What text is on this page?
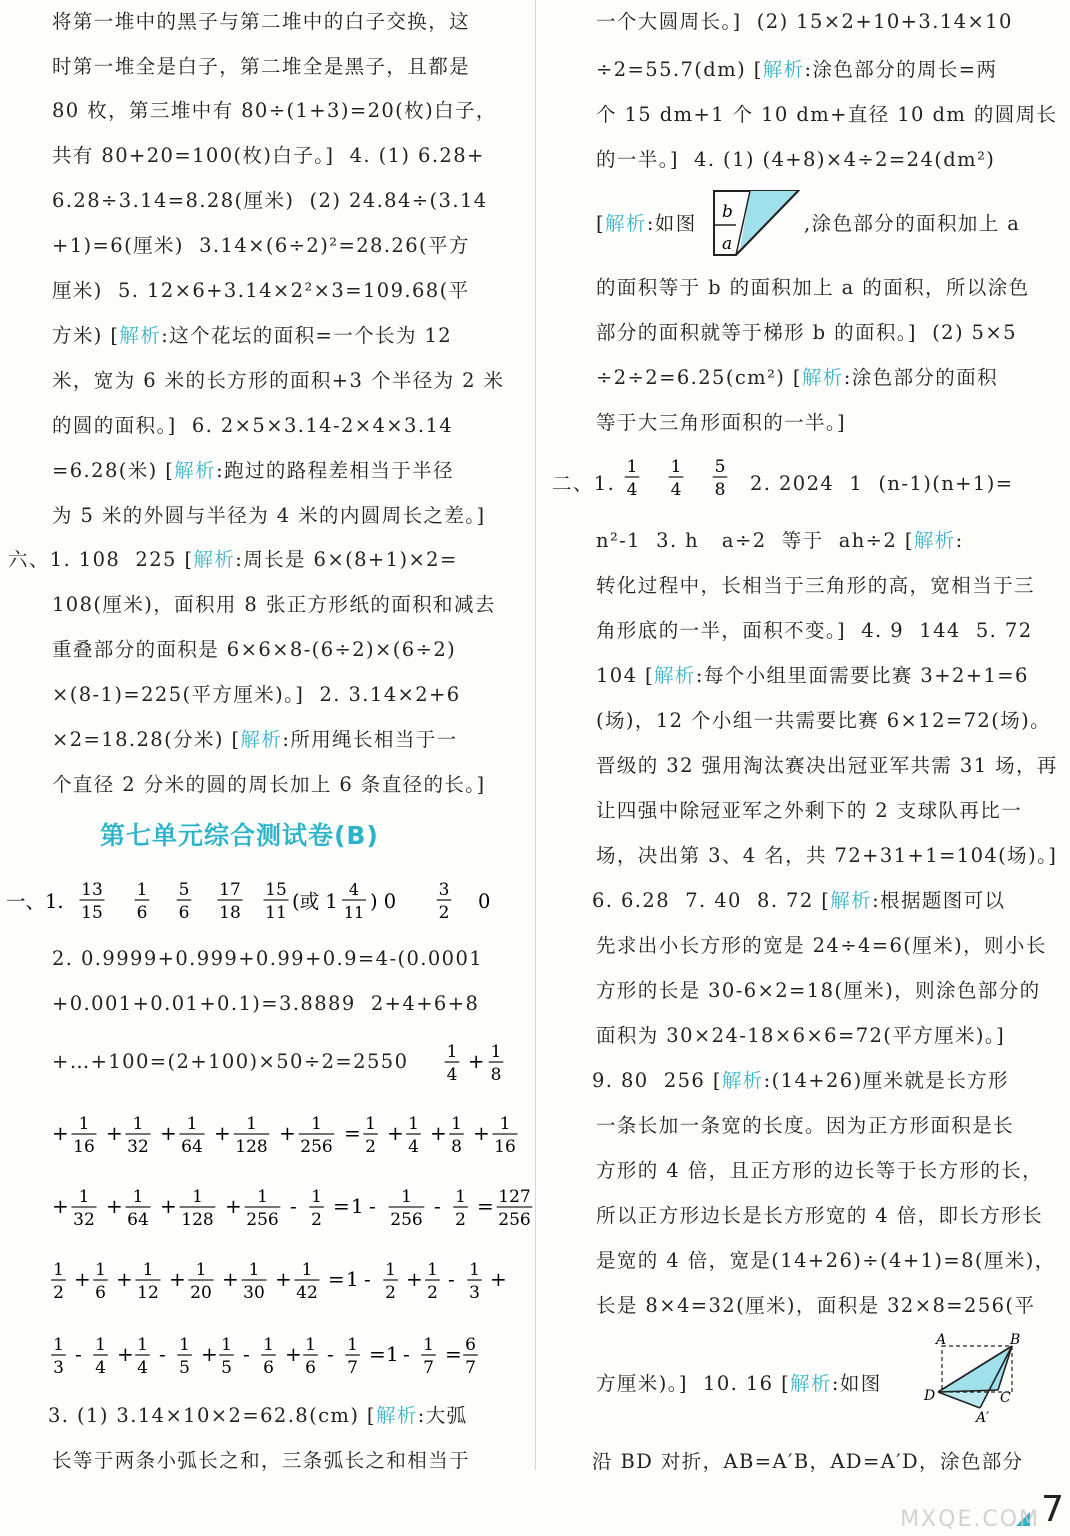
将第一堆中的黑子与第二堆中的白子交换，这
时第一堆全是白子，第二堆全是黑子，且都是
80 枚，第三堆中有 80÷(1+3)=20(枚)白子，
共有 80+20=100(枚)白子。]  4. (1) 6.28+
6.28÷3.14=8.28(厘米)  (2) 24.84÷(3.14
+1)=6(厘米)  3.14×(6÷2)²=28.26(平方
厘米)  5. 12×6+3.14×2²×3=109.68(平
方米) [解析:这个花坛的面积=一个长为 12
米，宽为 6 米的长方形的面积+3 个半径为 2 米
的圆的面积。]  6. 2×5×3.14-2×4×3.14
=6.28(米) [解析:跑过的路程差相当于半径
为 5 米的外圆与半径为 4 米的内圆周长之差。]
六、1. 108  225 [解析:周长是 6×(8+1)×2=
108(厘米)，面积用 8 张正方形纸的面积和减去
重叠部分的面积是 6×6×8-(6÷2)×(6÷2)
×(8-1)=225(平方厘米)。]  2. 3.14×2+6
×2=18.28(分米) [解析:所用绳长相当于一
个直径 2 分米的圆的周长加上 6 条直径的长。]
2. 0.9999+0.999+0.99+0.9=4-(0.0001
+0.001+0.01+0.1)=3.8889  2+4+6+8
+…+100=(2+100)×50÷2=2550
3. (1) 3.14×10×2=62.8(cm) [解析:大弧
长等于两条小弧长之和，三条弧长之和相当于
一个大圆周长。]  (2) 15×2+10+3.14×10
÷2=55.7(dm) [解析:涂色部分的周长=两
个 15 dm+1 个 10 dm+直径 10 dm 的圆周长
的一半。]  4. (1) (4+8)×4÷2=24(dm²)
[解析:如图	,涂色部分的面积加上 a
的面积等于 b 的面积加上 a 的面积，所以涂色
部分的面积就等于梯形 b 的面积。]  (2) 5×5
÷2÷2=6.25(cm²) [解析:涂色部分的面积
等于大三角形面积的一半。]
二、1.	2. 2024  1  (n-1)(n+1)=
n²-1  3. h   a÷2  等于  ah÷2 [解析:
转化过程中，长相当于三角形的高，宽相当于三
角形底的一半，面积不变。]  4. 9  144  5. 72
104 [解析:每个小组里面需要比赛 3+2+1=6
(场)，12 个小组一共需要比赛 6×12=72(场)。
晋级的 32 强用淘汰赛决出冠亚军共需 31 场，再
让四强中除冠亚军之外剩下的 2 支球队再比一
场，决出第 3、4 名，共 72+31+1=104(场)。]
6. 6.28  7. 40  8. 72 [解析:根据题图可以
先求出小长方形的宽是 24÷4=6(厘米)，则小长
方形的长是 30-6×2=18(厘米)，则涂色部分的
面积为 30×24-18×6×6=72(平方厘米)。]
9. 80  256 [解析:(14+26)厘米就是长方形
一条长加一条宽的长度。因为正方形面积是长
方形的 4 倍，且正方形的边长等于长方形的长，
所以正方形边长是长方形宽的 4 倍，即长方形长
是宽的 4 倍，宽是(14+26)÷(4+1)=8(厘米)，
长是 8×4=32(厘米)，面积是 32×8=256(平
方厘米)。]  10. 16 [解析:如图
沿 BD 对折，AB=A′B，AD=A′D，涂色部分
第七单元综合测试卷(B)
一、1. 13
15
1
6
5
6
17
18
15
11 (或 1
4
11 ) 0 3
2 0
1
4
+ 1
8
+ 1
16
+ 1
32
+ 1
64
+ 1
128
+ 1
256
= 1
2
+ 1
4
+ 1
8
+ 1
16
+ 1
32
+ 1
64
+ 1
128
+ 1
256
- 1
2
= 1 - 1
256
- 1
2
= 127
256
1
2
+ 1
6
+ 1
12
+ 1
20
+ 1
30
+ 1
42
= 1 - 1
2
+ 1
2
- 1
3
+
1
3
- 1
4
+ 1
4
- 1
5
+ 1
5
- 1
6
+ 1
6
- 1
7
= 1 - 1
7
= 6
7
1
4
1
4
5
8
b
a
A	B
C
D
A′
MXQE.COM 7
